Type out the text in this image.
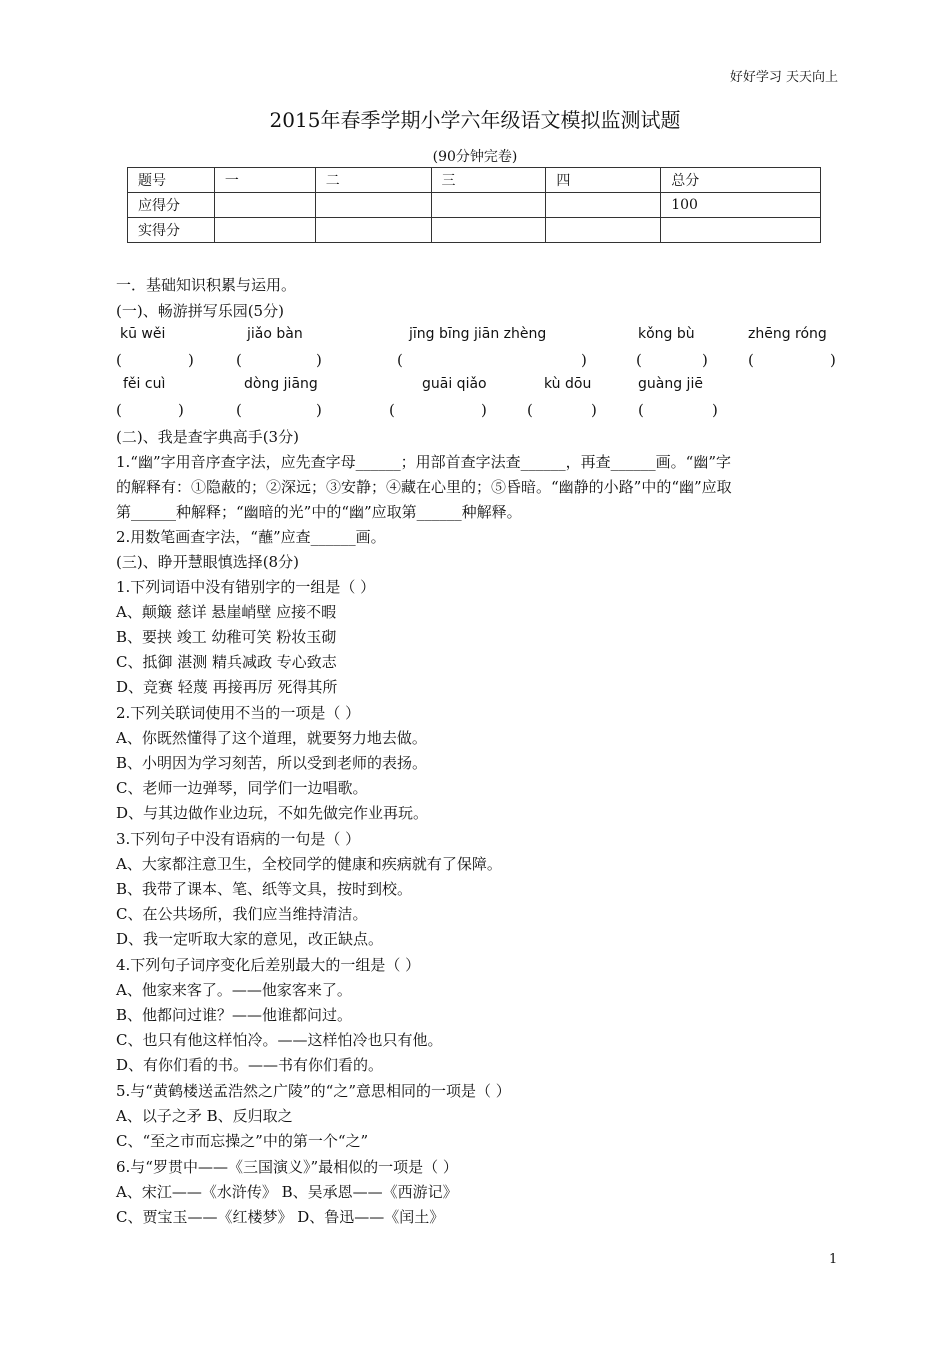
好好学习 天天向上
2015年春季学期小学六年级语文模拟监测试题
(90分钟完卷)
题号	一	二	三	四	总分
应得分					100
实得分					
一．基础知识积累与运用。
(一)、畅游拼写乐园(5分)
kū wěi	jiǎo bàn	jīng bīng jiān zhèng	kǒng bù	zhēng róng
(	)	(	)	(	)	(	)	(	)
fěi cuì	dòng jiāng	guāi qiǎo	kù dōu	guàng jiē
(	)	(	)	(	)	(	)	(	)
(二)、我是查字典高手(3分)
1.“幽”字用音序查字法，应先查字母______；用部首查字法查______，再查______画。“幽”字
的解释有：①隐蔽的；②深远；③安静；④藏在心里的；⑤昏暗。“幽静的小路”中的“幽”应取
第______种解释；“幽暗的光”中的“幽”应取第______种解释。
2.用数笔画查字法，“蘸”应查______画。
(三)、睁开慧眼慎选择(8分)
1.下列词语中没有错别字的一组是（ ）
A、颠簸 慈详 悬崖峭壁 应接不暇
B、要挟 竣工 幼稚可笑 粉妆玉砌
C、抵御 湛测 精兵减政 专心致志
D、竞赛 轻蔑 再接再厉 死得其所
2.下列关联词使用不当的一项是（ ）
A、你既然懂得了这个道理，就要努力地去做。
B、小明因为学习刻苦，所以受到老师的表扬。
C、老师一边弹琴，同学们一边唱歌。
D、与其边做作业边玩，不如先做完作业再玩。
3.下列句子中没有语病的一句是（ ）
A、大家都注意卫生，全校同学的健康和疾病就有了保障。
B、我带了课本、笔、纸等文具，按时到校。
C、在公共场所，我们应当维持清洁。
D、我一定听取大家的意见，改正缺点。
4.下列句子词序变化后差别最大的一组是（ ）
A、他家来客了。——他家客来了。
B、他都问过谁？——他谁都问过。
C、也只有他这样怕冷。——这样怕冷也只有他。
D、有你们看的书。——书有你们看的。
5.与“黄鹤楼送孟浩然之广陵”的“之”意思相同的一项是（ ）
A、以子之矛 B、反归取之
C、“至之市而忘操之”中的第一个“之”
6.与“罗贯中——《三国演义》”最相似的一项是（ ）
A、宋江——《水浒传》 B、吴承恩——《西游记》
C、贾宝玉——《红楼梦》 D、鲁迅——《闰土》
1
